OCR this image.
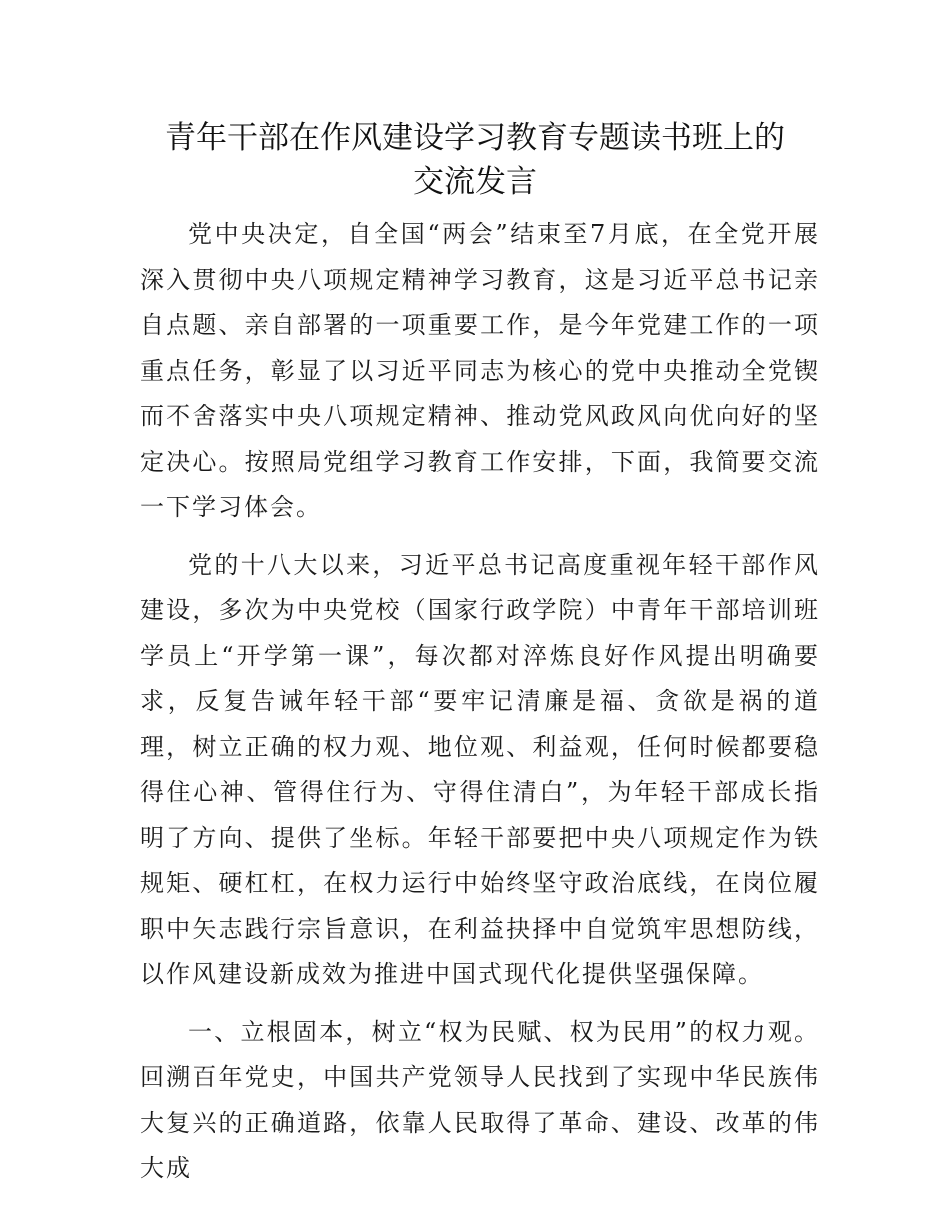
青年干部在作风建设学习教育专题读书班上的
交流发言

党中央决定，自全国“两会”结束至7月底，在全党开展深入贯彻中央八项规定精神学习教育，这是习近平总书记亲自点题、亲自部署的一项重要工作，是今年党建工作的一项重点任务，彰显了以习近平同志为核心的党中央推动全党锲而不舍落实中央八项规定精神、推动党风政风向优向好的坚定决心。按照局党组学习教育工作安排，下面，我简要交流一下学习体会。

党的十八大以来，习近平总书记高度重视年轻干部作风建设，多次为中央党校（国家行政学院）中青年干部培训班学员上“开学第一课”，每次都对淬炼良好作风提出明确要求，反复告诫年轻干部“要牢记清廉是福、贪欲是祸的道理，树立正确的权力观、地位观、利益观，任何时候都要稳得住心神、管得住行为、守得住清白”，为年轻干部成长指明了方向、提供了坐标。年轻干部要把中央八项规定作为铁规矩、硬杠杠，在权力运行中始终坚守政治底线，在岗位履职中矢志践行宗旨意识，在利益抉择中自觉筑牢思想防线，以作风建设新成效为推进中国式现代化提供坚强保障。

一、立根固本，树立“权为民赋、权为民用”的权力观。回溯百年党史，中国共产党领导人民找到了实现中华民族伟大复兴的正确道路，依靠人民取得了革命、建设、改革的伟大成
